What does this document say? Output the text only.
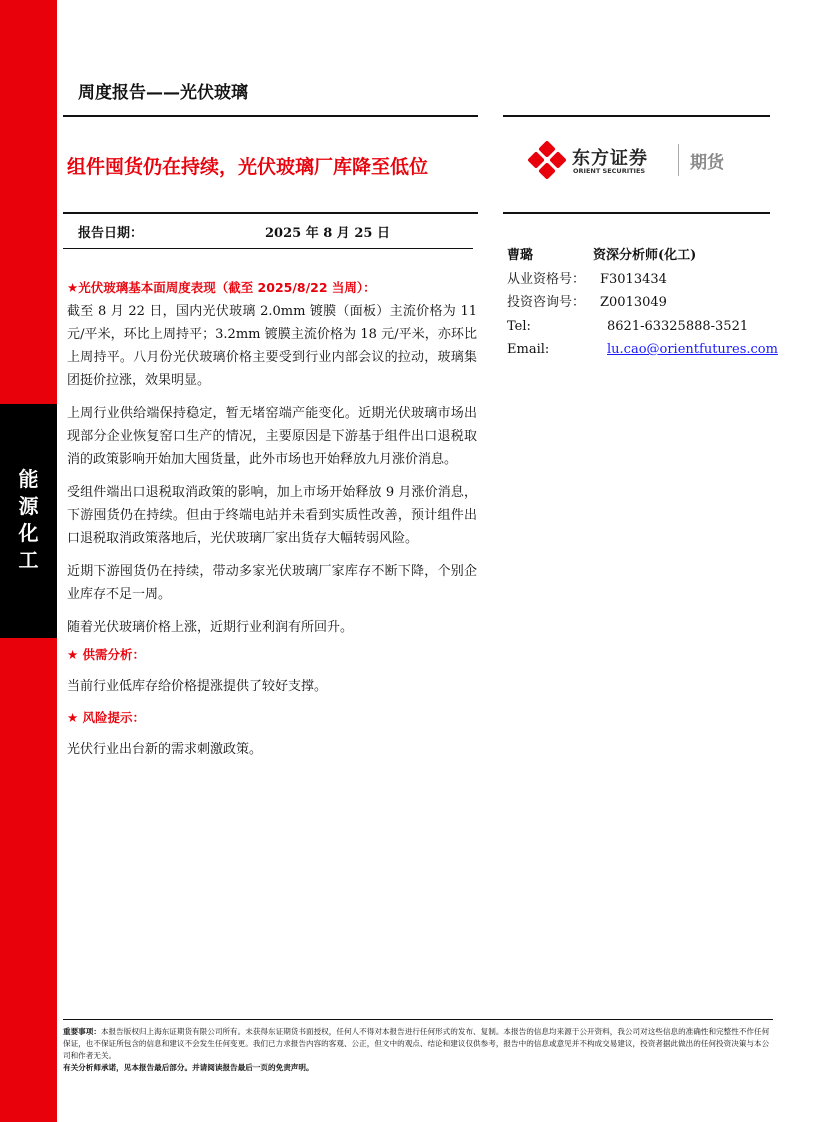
能
源
化
工
周度报告——光伏玻璃
组件囤货仍在持续，光伏玻璃厂库降至低位	东方证券
ORIENT SECURITIES	期货
报告日期：	2025 年 8 月 25 日
曹璐	资深分析师(化工)
从业资格号： F3013434
投资咨询号： Z0013049
Tel:	8621-63325888-3521
Email:	lu.cao@orientfutures.com
★光伏玻璃基本面周度表现（截至 2025/8/22 当周）：

截至 8 月 22 日，国内光伏玻璃 2.0mm 镀膜（面板）主流价格为 11 元/平米，环比上周持平；3.2mm 镀膜主流价格为 18 元/平米，亦环比上周持平。八月份光伏玻璃价格主要受到行业内部会议的拉动，玻璃集团挺价拉涨，效果明显。

上周行业供给端保持稳定，暂无堵窑端产能变化。近期光伏玻璃市场出现部分企业恢复窑口生产的情况，主要原因是下游基于组件出口退税取消的政策影响开始加大囤货量，此外市场也开始释放九月涨价消息。

受组件端出口退税取消政策的影响，加上市场开始释放 9 月涨价消息，下游囤货仍在持续。但由于终端电站并未看到实质性改善，预计组件出口退税取消政策落地后，光伏玻璃厂家出货存大幅转弱风险。

近期下游囤货仍在持续，带动多家光伏玻璃厂家库存不断下降，个别企业库存不足一周。

随着光伏玻璃价格上涨，近期行业利润有所回升。

★ 供需分析：

当前行业低库存给价格提涨提供了较好支撑。

★ 风险提示：

光伏行业出台新的需求刺激政策。

重要事项：本报告版权归上海东证期货有限公司所有。未获得东证期货书面授权，任何人不得对本报告进行任何形式的发布、复制。本报告的信息均来源于公开资料，我公司对这些信息的准确性和完整性不作任何保证，也不保证所包含的信息和建议不会发生任何变更。我们已力求报告内容的客观、公正，但文中的观点、结论和建议仅供参考，报告中的信息或意见并不构成交易建议，投资者据此做出的任何投资决策与本公司和作者无关。
有关分析师承诺，见本报告最后部分。并请阅读报告最后一页的免责声明。
